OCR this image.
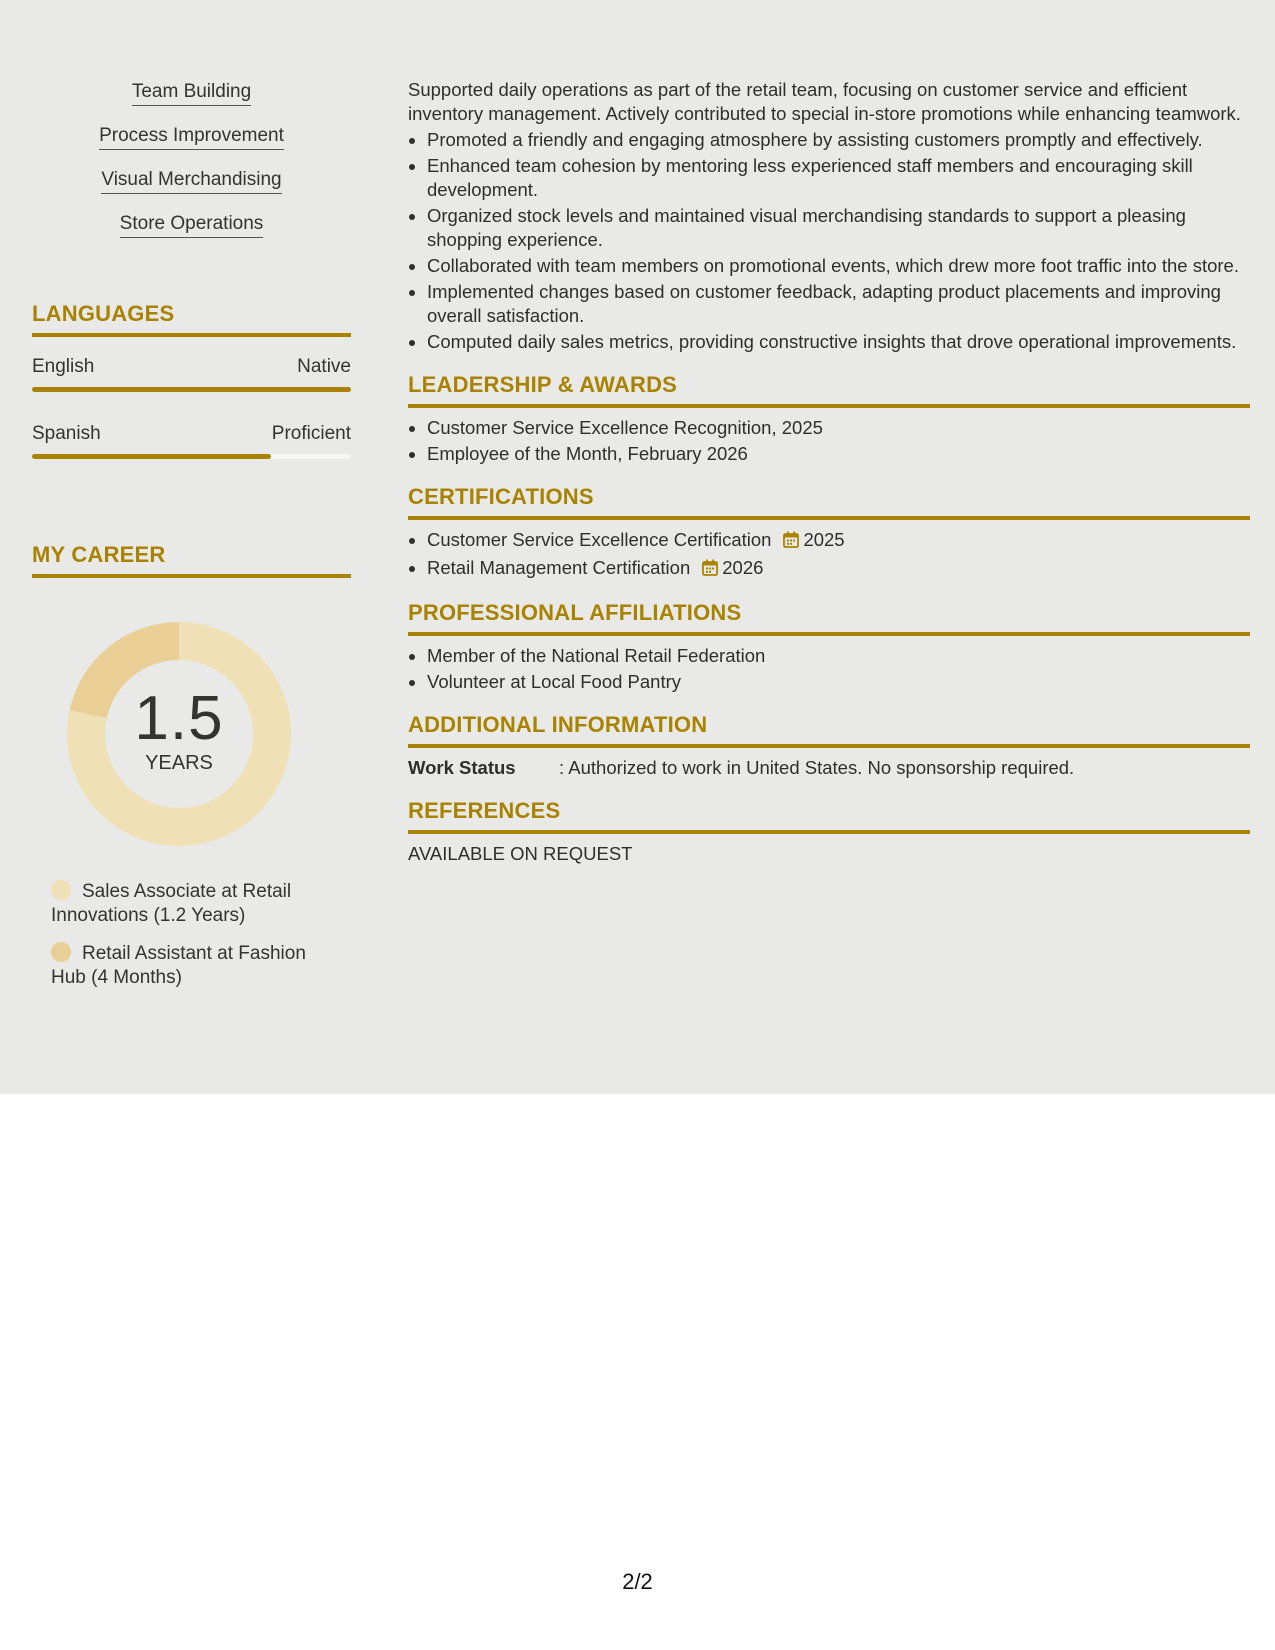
Team Building
Process Improvement
Visual Merchandising
Store Operations
LANGUAGES
English	Native
Spanish	Proficient
MY CAREER
1.5
YEARS
Sales Associate at Retail Innovations (1.2 Years)
Retail Assistant at Fashion Hub (4 Months)

Supported daily operations as part of the retail team, focusing on customer service and efficient inventory management. Actively contributed to special in-store promotions while enhancing teamwork.

• Promoted a friendly and engaging atmosphere by assisting customers promptly and effectively.
• Enhanced team cohesion by mentoring less experienced staff members and encouraging skill development.
• Organized stock levels and maintained visual merchandising standards to support a pleasing shopping experience.
• Collaborated with team members on promotional events, which drew more foot traffic into the store.
• Implemented changes based on customer feedback, adapting product placements and improving overall satisfaction.
• Computed daily sales metrics, providing constructive insights that drove operational improvements.
LEADERSHIP & AWARDS
• Customer Service Excellence Recognition, 2025
• Employee of the Month, February 2026
CERTIFICATIONS
• Customer Service Excellence Certification 2025
• Retail Management Certification 2026
PROFESSIONAL AFFILIATIONS
• Member of the National Retail Federation
• Volunteer at Local Food Pantry
ADDITIONAL INFORMATION
Work Status : Authorized to work in United States. No sponsorship required.
REFERENCES
AVAILABLE ON REQUEST
2/2
